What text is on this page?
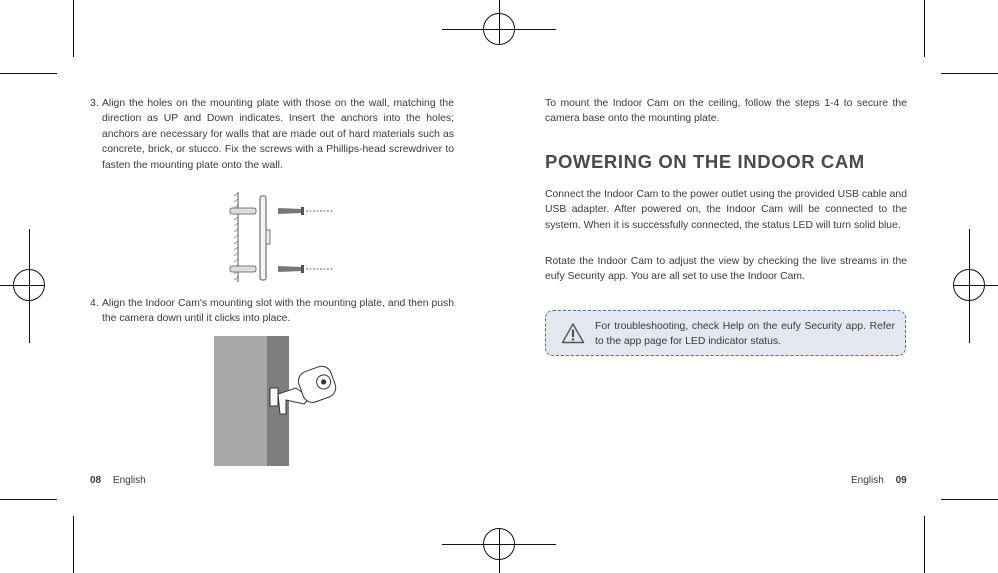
3. Align the holes on the mounting plate with those on the wall, matching the direction as UP and Down indicates. Insert the anchors into the holes; anchors are necessary for walls that are made out of hard materials such as concrete, brick, or stucco. Fix the screws with a Phillips-head screwdriver to fasten the mounting plate onto the wall.
4. Align the Indoor Cam's mounting slot with the mounting plate, and then push the camera down until it clicks into place.
08 English

To mount the Indoor Cam on the ceiling, follow the steps 1-4 to secure the camera base onto the mounting plate.

POWERING ON THE INDOOR CAM

Connect the Indoor Cam to the power outlet using the provided USB cable and USB adapter. After powered on, the Indoor Cam will be connected to the system. When it is successfully connected, the status LED will turn solid blue.

Rotate the Indoor Cam to adjust the view by checking the live streams in the eufy Security app. You are all set to use the Indoor Cam.

For troubleshooting, check Help on the eufy Security app. Refer to the app page for LED indicator status.
English 09
